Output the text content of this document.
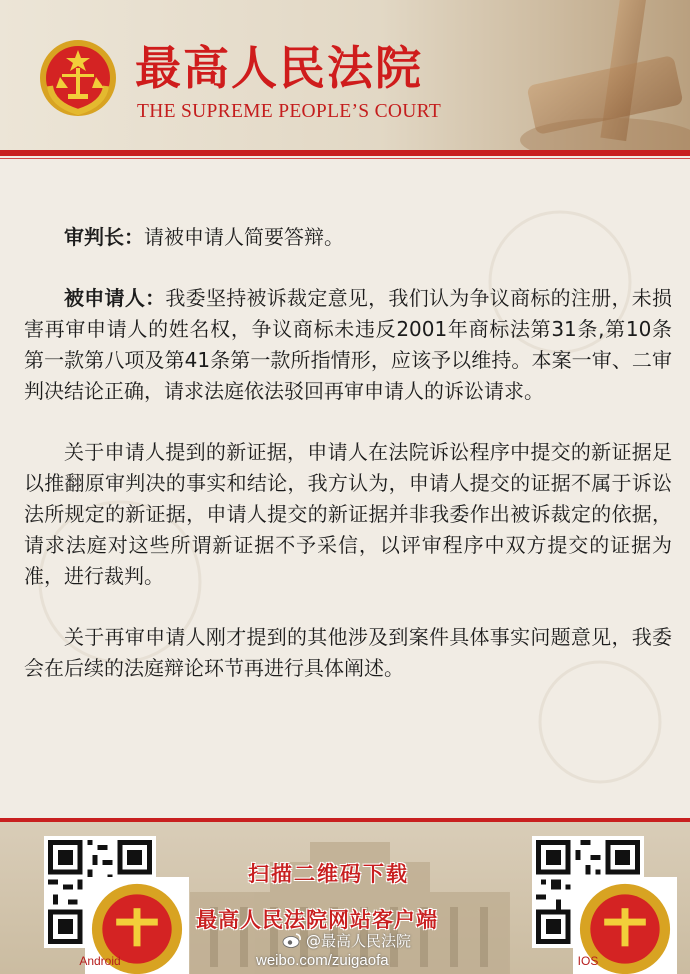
最高人民法院
THE SUPREME PEOPLE’S COURT

审判长：请被申请人简要答辩。

被申请人：我委坚持被诉裁定意见，我们认为争议商标的注册，未损害再审申请人的姓名权，争议商标未违反2001年商标法第31条,第10条第一款第八项及第41条第一款所指情形，应该予以维持。本案一审、二审判决结论正确，请求法庭依法驳回再审申请人的诉讼请求。

关于申请人提到的新证据，申请人在法院诉讼程序中提交的新证据足以推翻原审判决的事实和结论，我方认为，申请人提交的证据不属于诉讼法所规定的新证据，申请人提交的新证据并非我委作出被诉裁定的依据，请求法庭对这些所谓新证据不予采信，以评审程序中双方提交的证据为准，进行裁判。

关于再审申请人刚才提到的其他涉及到案件具体事实问题意见，我委会在后续的法庭辩论环节再进行具体阐述。

Android	IOS
扫描二维码下载
最高人民法院网站客户端
@最高人民法院
weibo.com/zuigaofa
